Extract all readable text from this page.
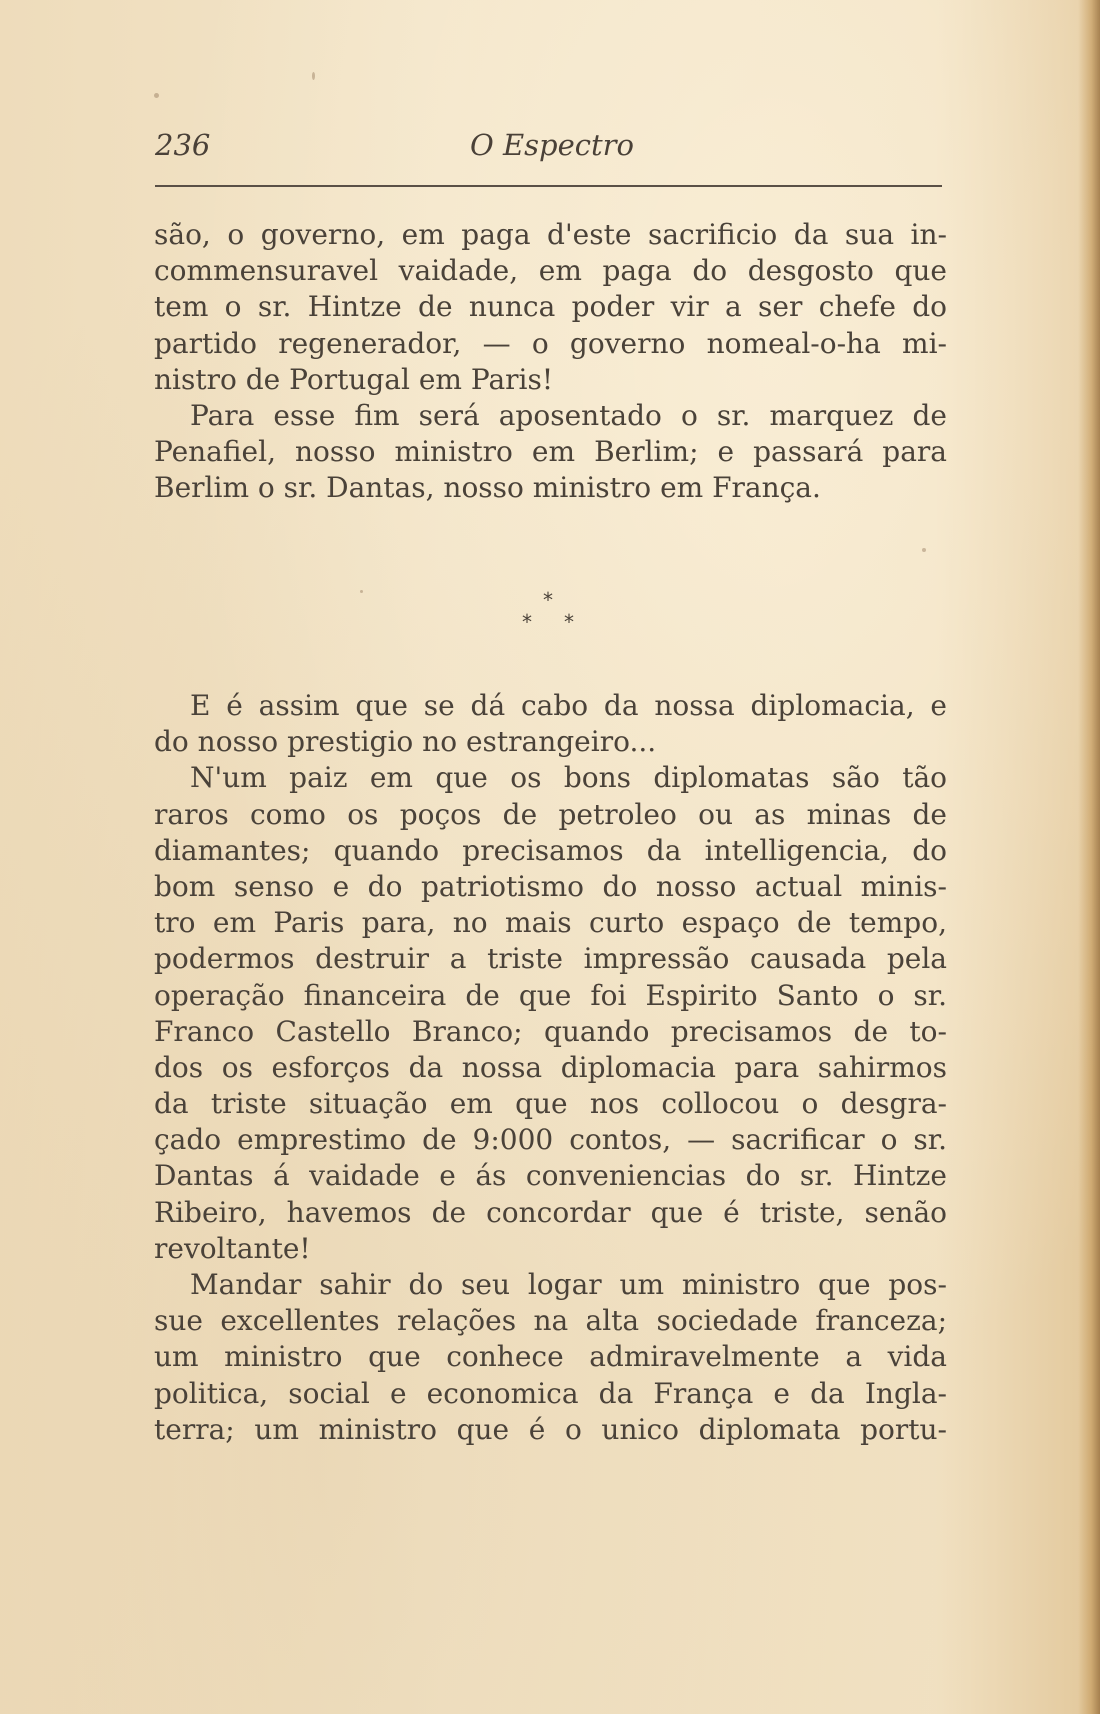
236	O Espectro
são, o governo, em paga d'este sacrificio da sua in-
commensuravel vaidade, em paga do desgosto que
tem o sr. Hintze de nunca poder vir a ser chefe do
partido regenerador, — o governo nomeal-o-ha mi-
nistro de Portugal em Paris!
Para esse fim será aposentado o sr. marquez de
Penafiel, nosso ministro em Berlim; e passará para
Berlim o sr. Dantas, nosso ministro em França.
*
* *
E é assim que se dá cabo da nossa diplomacia, e
do nosso prestigio no estrangeiro...
N'um paiz em que os bons diplomatas são tão
raros como os poços de petroleo ou as minas de
diamantes; quando precisamos da intelligencia, do
bom senso e do patriotismo do nosso actual minis-
tro em Paris para, no mais curto espaço de tempo,
podermos destruir a triste impressão causada pela
operação financeira de que foi Espirito Santo o sr.
Franco Castello Branco; quando precisamos de to-
dos os esforços da nossa diplomacia para sahirmos
da triste situação em que nos collocou o desgra-
çado emprestimo de 9:000 contos, — sacrificar o sr.
Dantas á vaidade e ás conveniencias do sr. Hintze
Ribeiro, havemos de concordar que é triste, senão
revoltante!
Mandar sahir do seu logar um ministro que pos-
sue excellentes relações na alta sociedade franceza;
um ministro que conhece admiravelmente a vida
politica, social e economica da França e da Ingla-
terra; um ministro que é o unico diplomata portu-
